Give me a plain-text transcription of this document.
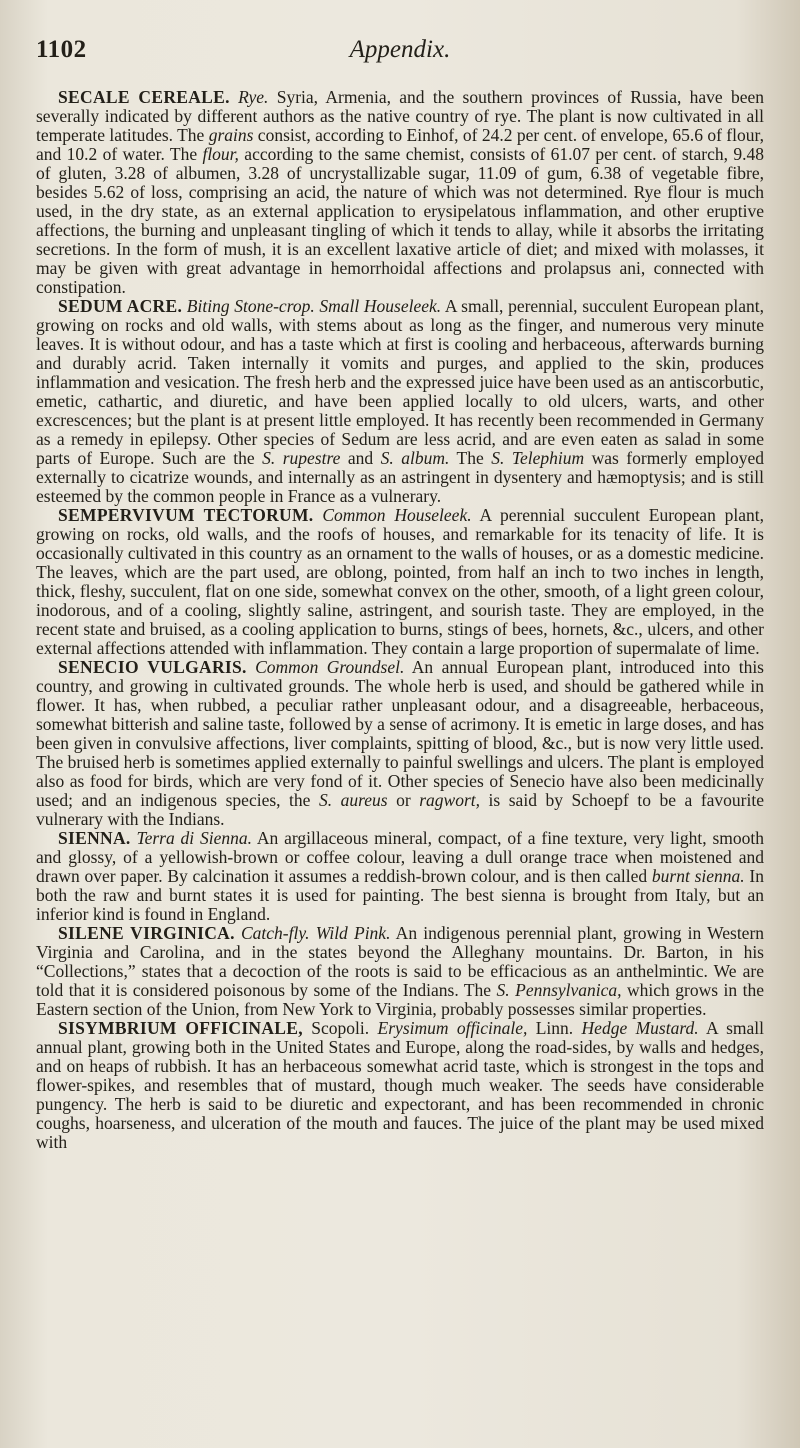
1102	Appendix.

SECALE CEREALE. Rye. Syria, Armenia, and the southern provinces of Russia, have been severally indicated by different authors as the native country of rye. The plant is now cultivated in all temperate latitudes. The grains consist, according to Einhof, of 24.2 per cent. of envelope, 65.6 of flour, and 10.2 of water. The flour, according to the same chemist, consists of 61.07 per cent. of starch, 9.48 of gluten, 3.28 of albumen, 3.28 of uncrystallizable sugar, 11.09 of gum, 6.38 of vegetable fibre, besides 5.62 of loss, comprising an acid, the nature of which was not determined. Rye flour is much used, in the dry state, as an external application to erysipelatous inflammation, and other eruptive affections, the burning and unpleasant tingling of which it tends to allay, while it absorbs the irritating secretions. In the form of mush, it is an excellent laxative article of diet; and mixed with molasses, it may be given with great advantage in hemorrhoidal affections and prolapsus ani, connected with constipation.

SEDUM ACRE. Biting Stone-crop. Small Houseleek. A small, perennial, succulent European plant, growing on rocks and old walls, with stems about as long as the finger, and numerous very minute leaves. It is without odour, and has a taste which at first is cooling and herbaceous, afterwards burning and durably acrid. Taken internally it vomits and purges, and applied to the skin, produces inflammation and vesication. The fresh herb and the expressed juice have been used as an antiscorbutic, emetic, cathartic, and diuretic, and have been applied locally to old ulcers, warts, and other excrescences; but the plant is at present little employed. It has recently been recommended in Germany as a remedy in epilepsy. Other species of Sedum are less acrid, and are even eaten as salad in some parts of Europe. Such are the S. rupestre and S. album. The S. Telephium was formerly employed externally to cicatrize wounds, and internally as an astringent in dysentery and hæmoptysis; and is still esteemed by the common people in France as a vulnerary.

SEMPERVIVUM TECTORUM. Common Houseleek. A perennial succulent European plant, growing on rocks, old walls, and the roofs of houses, and remarkable for its tenacity of life. It is occasionally cultivated in this country as an ornament to the walls of houses, or as a domestic medicine. The leaves, which are the part used, are oblong, pointed, from half an inch to two inches in length, thick, fleshy, succulent, flat on one side, somewhat convex on the other, smooth, of a light green colour, inodorous, and of a cooling, slightly saline, astringent, and sourish taste. They are employed, in the recent state and bruised, as a cooling application to burns, stings of bees, hornets, &c., ulcers, and other external affections attended with inflammation. They contain a large proportion of supermalate of lime.

SENECIO VULGARIS. Common Groundsel. An annual European plant, introduced into this country, and growing in cultivated grounds. The whole herb is used, and should be gathered while in flower. It has, when rubbed, a peculiar rather unpleasant odour, and a disagreeable, herbaceous, somewhat bitterish and saline taste, followed by a sense of acrimony. It is emetic in large doses, and has been given in convulsive affections, liver complaints, spitting of blood, &c., but is now very little used. The bruised herb is sometimes applied externally to painful swellings and ulcers. The plant is employed also as food for birds, which are very fond of it. Other species of Senecio have also been medicinally used; and an indigenous species, the S. aureus or ragwort, is said by Schoepf to be a favourite vulnerary with the Indians.

SIENNA. Terra di Sienna. An argillaceous mineral, compact, of a fine texture, very light, smooth and glossy, of a yellowish-brown or coffee colour, leaving a dull orange trace when moistened and drawn over paper. By calcination it assumes a reddish-brown colour, and is then called burnt sienna. In both the raw and burnt states it is used for painting. The best sienna is brought from Italy, but an inferior kind is found in England.

SILENE VIRGINICA. Catch-fly. Wild Pink. An indigenous perennial plant, growing in Western Virginia and Carolina, and in the states beyond the Alleghany mountains. Dr. Barton, in his “Collections,” states that a decoction of the roots is said to be efficacious as an anthelmintic. We are told that it is considered poisonous by some of the Indians. The S. Pennsylvanica, which grows in the Eastern section of the Union, from New York to Virginia, probably possesses similar properties.

SISYMBRIUM OFFICINALE, Scopoli. Erysimum officinale, Linn. Hedge Mustard. A small annual plant, growing both in the United States and Europe, along the road-sides, by walls and hedges, and on heaps of rubbish. It has an herbaceous somewhat acrid taste, which is strongest in the tops and flower-spikes, and resembles that of mustard, though much weaker. The seeds have considerable pungency. The herb is said to be diuretic and expectorant, and has been recommended in chronic coughs, hoarseness, and ulceration of the mouth and fauces. The juice of the plant may be used mixed with
